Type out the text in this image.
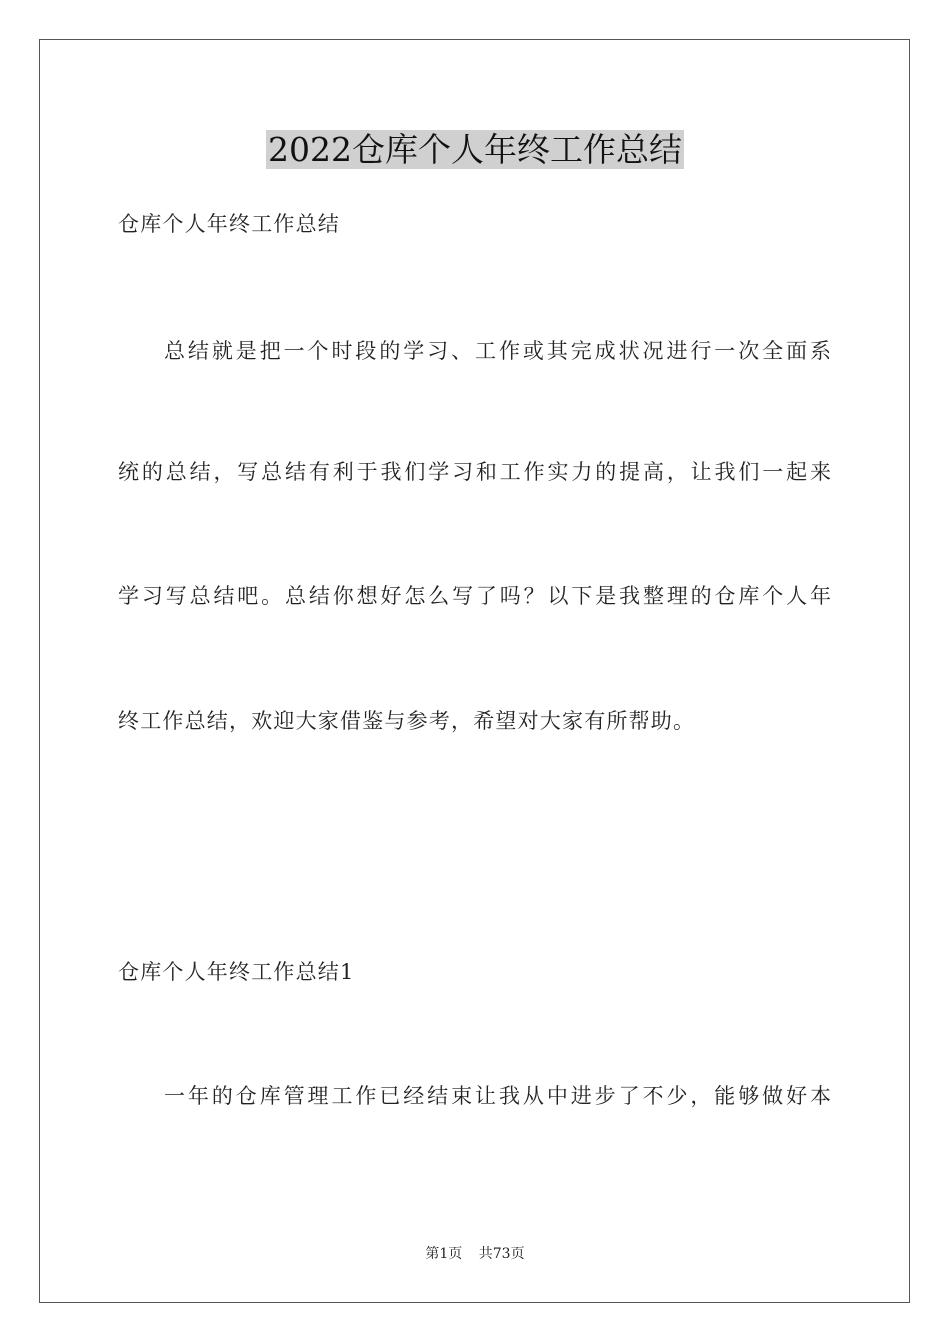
2022仓库个人年终工作总结
仓库个人年终工作总结
总结就是把一个时段的学习、工作或其完成状况进行一次全面系
统的总结，写总结有利于我们学习和工作实力的提高，让我们一起来
学习写总结吧。总结你想好怎么写了吗？以下是我整理的仓库个人年
终工作总结，欢迎大家借鉴与参考，希望对大家有所帮助。
仓库个人年终工作总结1
一年的仓库管理工作已经结束让我从中进步了不少，能够做好本
第1页 共73页
